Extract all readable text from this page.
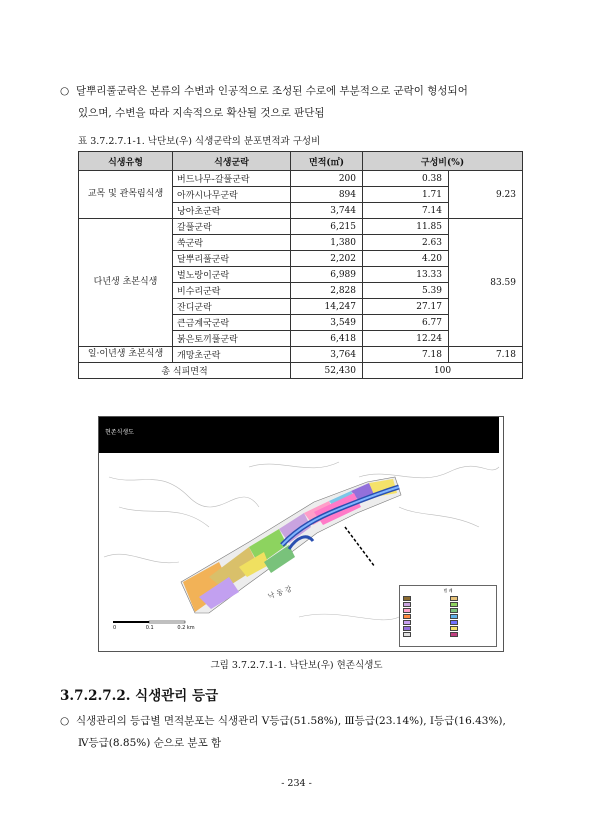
○ 달뿌리풀군락은 본류의 수변과 인공적으로 조성된 수로에 부분적으로 군락이 형성되어
있으며, 수변을 따라 지속적으로 확산될 것으로 판단됨
표 3.7.2.7.1-1. 낙단보(우) 식생군락의 분포면적과 구성비
식생유형	식생군락	면적(㎡)	구성비(%)	
교목 및 관목림식생	버드나무-갈풀군락	200	0.38	9.23
	아까시나무군락	894	1.71	
	낭아초군락	3,744	7.14	
다년생 초본식생	갈풀군락	6,215	11.85	83.59
	쑥군락	1,380	2.63	
	달뿌리풀군락	2,202	4.20	
	벌노랑이군락	6,989	13.33	
	비수리군락	2,828	5.39	
	잔디군락	14,247	27.17	
	큰금계국군락	3,549	6.77	
	붉은토끼풀군락	6,418	12.24	
일·이년생 초본식생	개망초군락	3,764	7.18	7.18
총 식피면적		52,430	100	
현존식생도
낙 동 강
0	0.1	0.2 km
범 례
그림 3.7.2.7.1-1. 낙단보(우) 현존식생도
3.7.2.7.2. 식생관리 등급
○ 식생관리의 등급별 면적분포는 식생관리 V등급(51.58%), Ⅲ등급(23.14%), I등급(16.43%),
Ⅳ등급(8.85%) 순으로 분포 함
- 234 -
